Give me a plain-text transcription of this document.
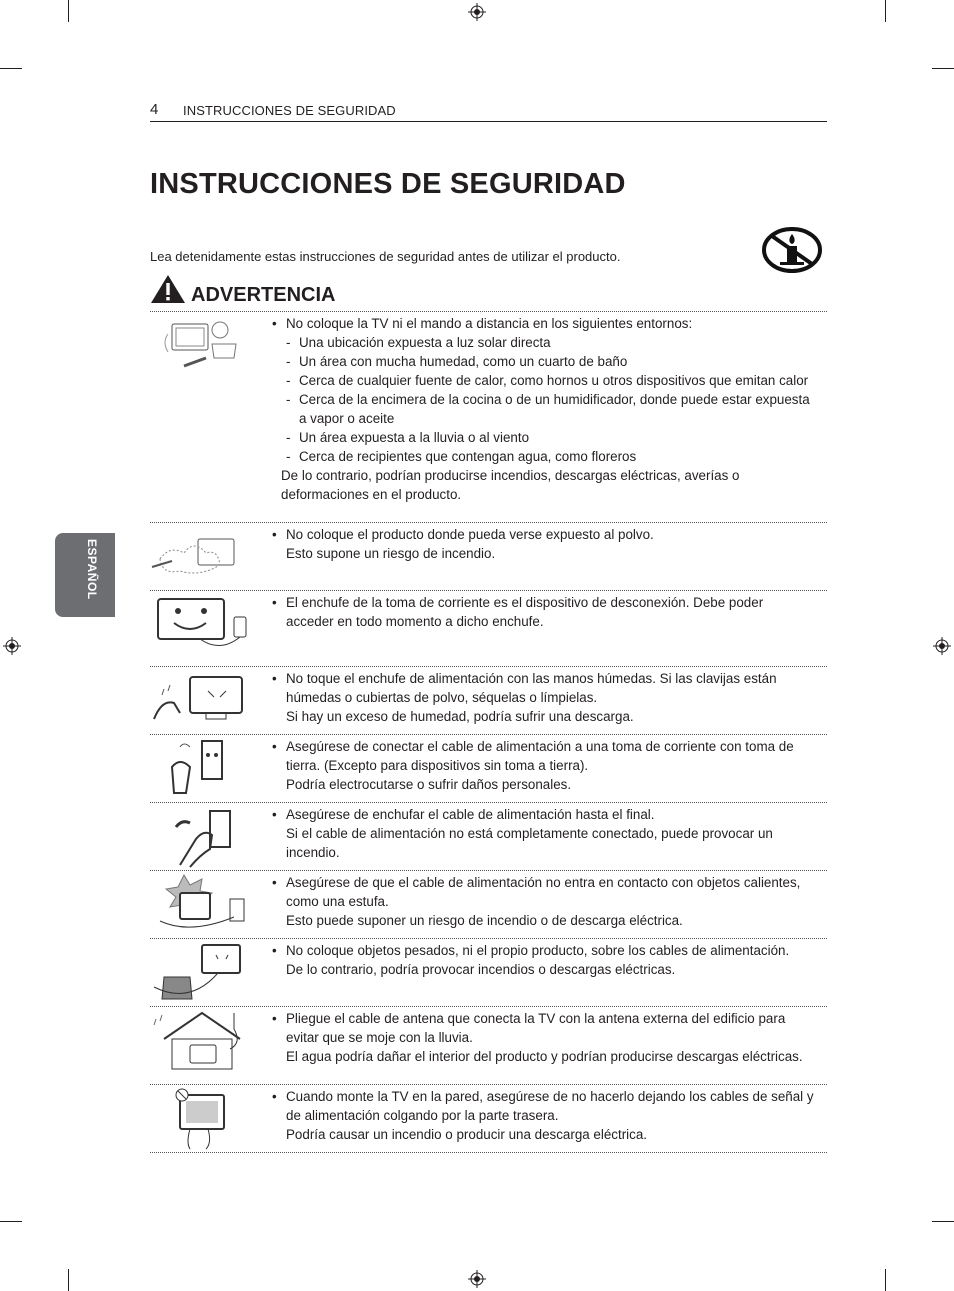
4 INSTRUCCIONES DE SEGURIDAD
INSTRUCCIONES DE SEGURIDAD
Lea detenidamente estas instrucciones de seguridad antes de utilizar el producto.
ADVERTENCIA
ESPAÑOL
• No coloque la TV ni el mando a distancia en los siguientes entornos:
- Una ubicación expuesta a luz solar directa
- Un área con mucha humedad, como un cuarto de baño
- Cerca de cualquier fuente de calor, como hornos u otros dispositivos que emitan calor
- Cerca de la encimera de la cocina o de un humidificador, donde puede estar expuesta a vapor o aceite
- Un área expuesta a la lluvia o al viento
- Cerca de recipientes que contengan agua, como floreros
De lo contrario, podrían producirse incendios, descargas eléctricas, averías o deformaciones en el producto.
• No coloque el producto donde pueda verse expuesto al polvo.
Esto supone un riesgo de incendio.
• El enchufe de la toma de corriente es el dispositivo de desconexión. Debe poder acceder en todo momento a dicho enchufe.
• No toque el enchufe de alimentación con las manos húmedas. Si las clavijas están húmedas o cubiertas de polvo, séquelas o límpielas.
Si hay un exceso de humedad, podría sufrir una descarga.
• Asegúrese de conectar el cable de alimentación a una toma de corriente con toma de tierra. (Excepto para dispositivos sin toma a tierra).
Podría electrocutarse o sufrir daños personales.
• Asegúrese de enchufar el cable de alimentación hasta el final.
Si el cable de alimentación no está completamente conectado, puede provocar un incendio.
• Asegúrese de que el cable de alimentación no entra en contacto con objetos calientes, como una estufa.
Esto puede suponer un riesgo de incendio o de descarga eléctrica.
• No coloque objetos pesados, ni el propio producto, sobre los cables de alimentación.
De lo contrario, podría provocar incendios o descargas eléctricas.
• Pliegue el cable de antena que conecta la TV con la antena externa del edificio para evitar que se moje con la lluvia.
El agua podría dañar el interior del producto y podrían producirse descargas eléctricas.
• Cuando monte la TV en la pared, asegúrese de no hacerlo dejando los cables de señal y de alimentación colgando por la parte trasera.
Podría causar un incendio o producir una descarga eléctrica.
